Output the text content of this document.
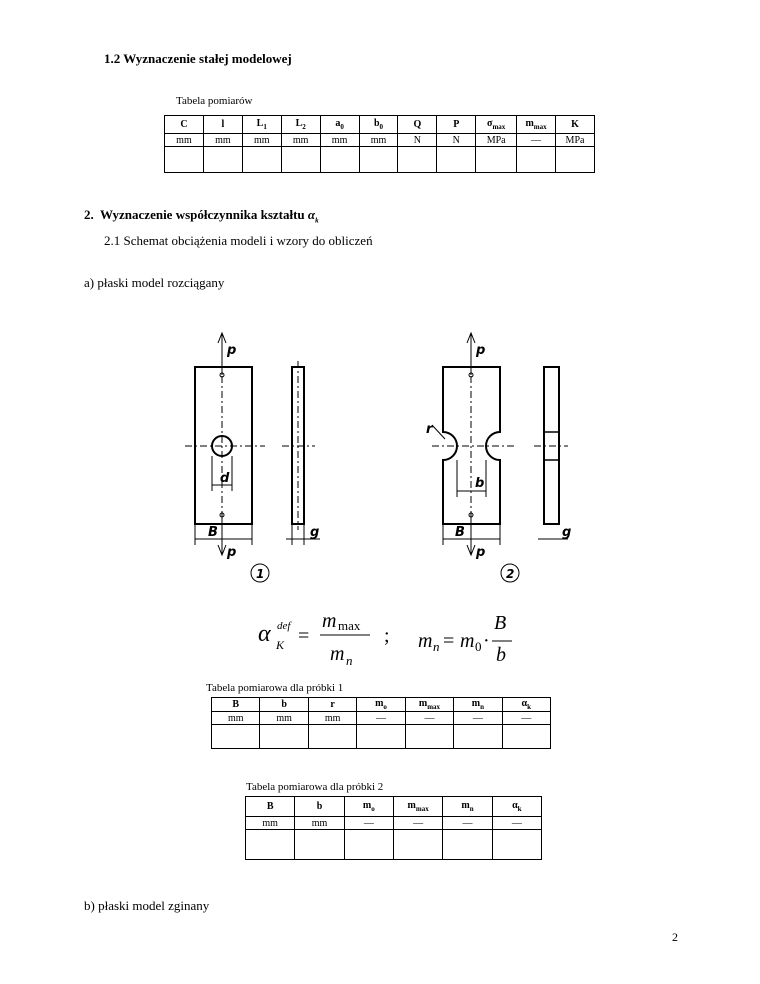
1.2 Wyznaczenie stałej modelowej
Tabela pomiarów
C	l	$L_1$	$L_2$	$a_0$	$b_0$	Q	P	$\sigma_{max}$	$m_{max}$	K
mm	mm	mm	mm	mm	mm	N	N	MPa	—	MPa

2.  Wyznaczenie współczynnika kształtu $\alpha_k$
2.1 Schemat obciążenia modeli i wzory do obliczeń
a) płaski model rozciągany
p
p
p
p
d
B	g
b
B	g
r
1	2
α K
def =
m max
m n
; m n = m 0 ·
B
b
Tabela pomiarowa dla próbki 1
B	b	r	$m_o$	$m_{max}$	$m_n$	$\alpha_k$
mm	mm	mm	—	—	—	—

Tabela pomiarowa dla próbki 2
B	b	$m_o$	$m_{max}$	$m_n$	$\alpha_k$
mm	mm	—	—	—	—

b) płaski model zginany
2
